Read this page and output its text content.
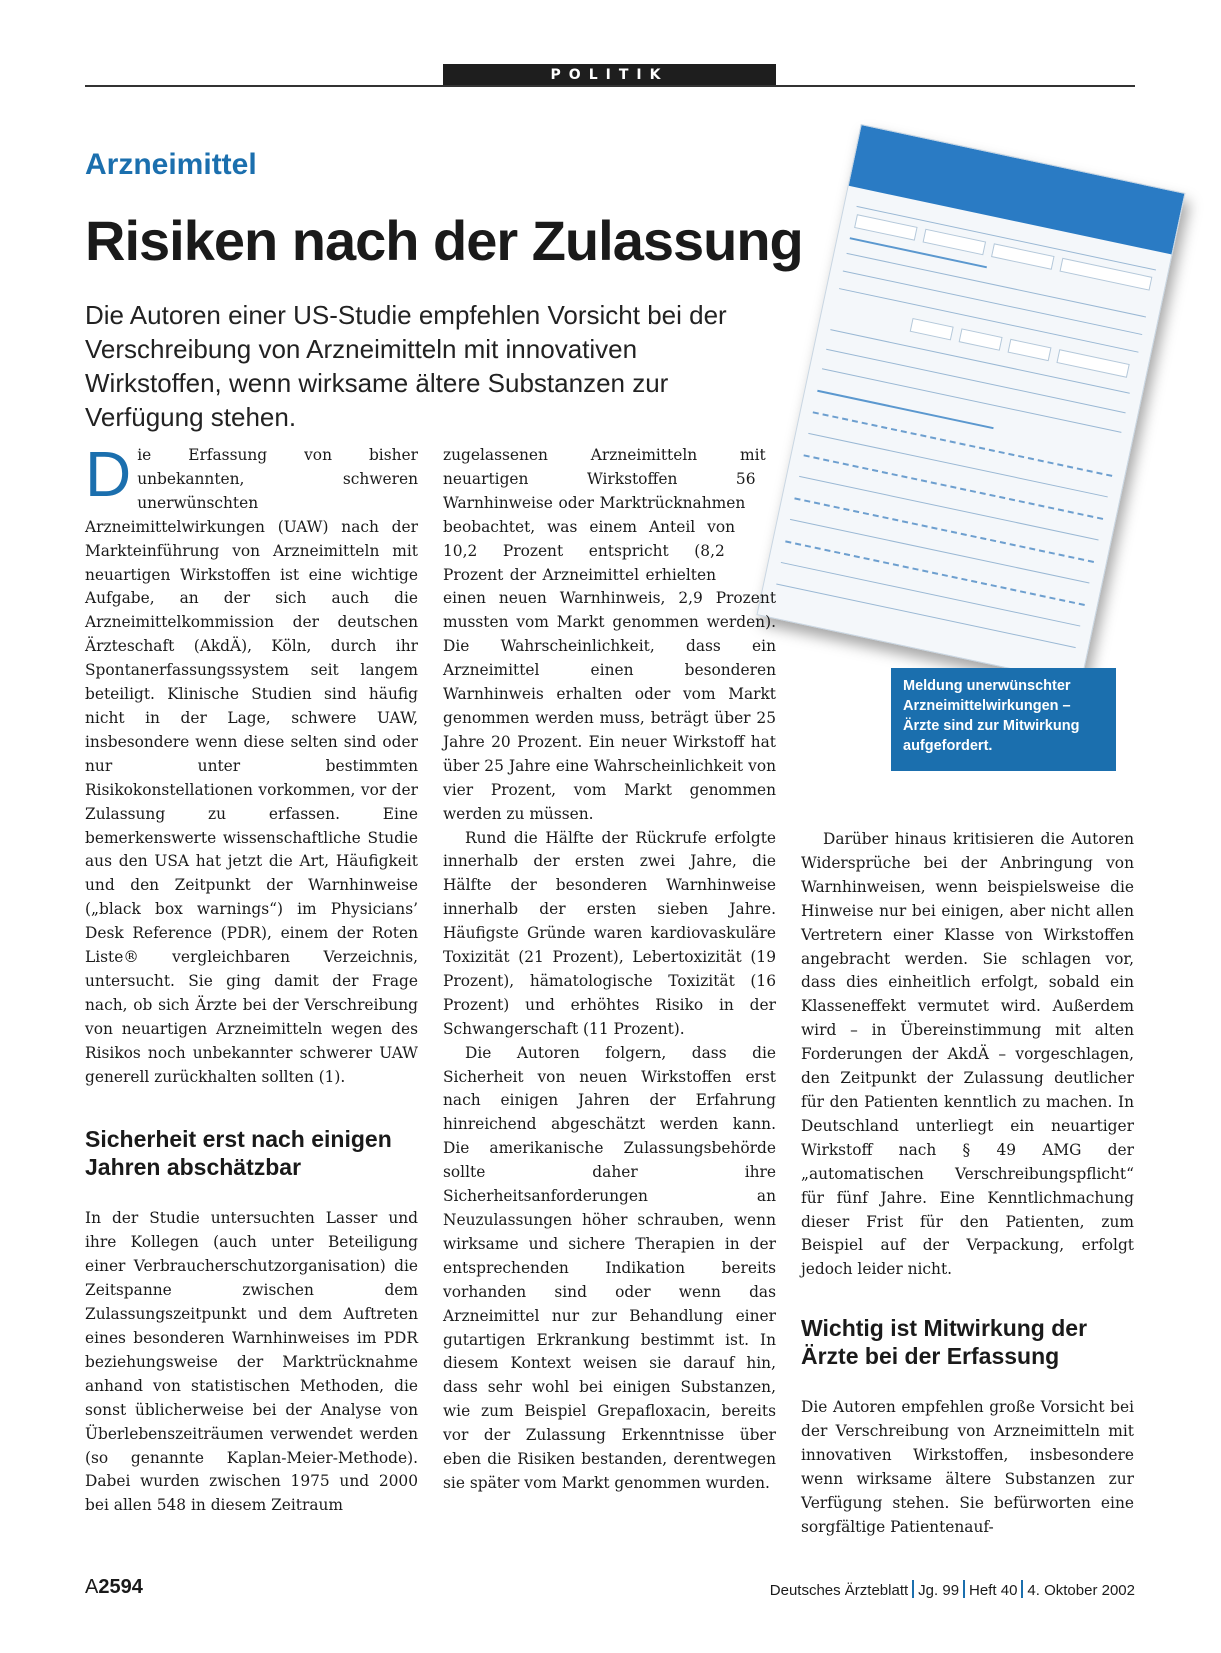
POLITIK
Arzneimittel
Risiken nach der Zulassung

Die Autoren einer US-Studie empfehlen Vorsicht bei der Verschreibung von Arzneimitteln mit innovativen Wirkstoffen, wenn wirksame ältere Substanzen zur Verfügung stehen.

Meldung unerwünschter Arzneimittelwirkungen – Ärzte sind zur Mitwirkung aufgefordert.

Die Erfassung von bisher unbekannten, schweren unerwünschten Arzneimittelwirkungen (UAW) nach der Markteinführung von Arzneimitteln mit neuartigen Wirkstoffen ist eine wichtige Aufgabe, an der sich auch die Arzneimittelkommission der deutschen Ärzteschaft (AkdÄ), Köln, durch ihr Spontanerfassungssystem seit langem beteiligt. Klinische Studien sind häufig nicht in der Lage, schwere UAW, insbesondere wenn diese selten sind oder nur unter bestimmten Risikokonstellationen vorkommen, vor der Zulassung zu erfassen. Eine bemerkenswerte wissenschaftliche Studie aus den USA hat jetzt die Art, Häufigkeit und den Zeitpunkt der Warnhinweise („black box warnings“) im Physicians’ Desk Reference (PDR), einem der Roten Liste® vergleichbaren Verzeichnis, untersucht. Sie ging damit der Frage nach, ob sich Ärzte bei der Verschreibung von neuartigen Arzneimitteln wegen des Risikos noch unbekannter schwerer UAW generell zurückhalten sollten (1).

Sicherheit erst nach einigen Jahren abschätzbar

In der Studie untersuchten Lasser und ihre Kollegen (auch unter Beteiligung einer Verbraucherschutzorganisation) die Zeitspanne zwischen dem Zulassungszeitpunkt und dem Auftreten eines besonderen Warnhinweises im PDR beziehungsweise der Marktrücknahme anhand von statistischen Methoden, die sonst üblicherweise bei der Analyse von Überlebenszeiträumen verwendet werden (so genannte Kaplan-Meier-Methode). Dabei wurden zwischen 1975 und 2000 bei allen 548 in diesem Zeitraum

zugelassenen Arzneimitteln mit neuartigen Wirkstoffen 56 Warnhinweise oder Marktrücknahmen beobachtet, was einem Anteil von 10,2 Prozent entspricht (8,2 Prozent der Arzneimittel erhielten einen neuen Warnhinweis, 2,9 Prozent mussten vom Markt genommen werden). Die Wahrscheinlichkeit, dass ein Arzneimittel einen besonderen Warnhinweis erhalten oder vom Markt genommen werden muss, beträgt über 25 Jahre 20 Prozent. Ein neuer Wirkstoff hat über 25 Jahre eine Wahrscheinlichkeit von vier Prozent, vom Markt genommen werden zu müssen.

Rund die Hälfte der Rückrufe erfolgte innerhalb der ersten zwei Jahre, die Hälfte der besonderen Warnhinweise innerhalb der ersten sieben Jahre. Häufigste Gründe waren kardiovaskuläre Toxizität (21 Prozent), Lebertoxizität (19 Prozent), hämatologische Toxizität (16 Prozent) und erhöhtes Risiko in der Schwangerschaft (11 Prozent).

Die Autoren folgern, dass die Sicherheit von neuen Wirkstoffen erst nach einigen Jahren der Erfahrung hinreichend abgeschätzt werden kann. Die amerikanische Zulassungsbehörde sollte daher ihre Sicherheitsanforderungen an Neuzulassungen höher schrauben, wenn wirksame und sichere Therapien in der entsprechenden Indikation bereits vorhanden sind oder wenn das Arzneimittel nur zur Behandlung einer gutartigen Erkrankung bestimmt ist. In diesem Kontext weisen sie darauf hin, dass sehr wohl bei einigen Substanzen, wie zum Beispiel Grepafloxacin, bereits vor der Zulassung Erkenntnisse über eben die Risiken bestanden, derentwegen sie später vom Markt genommen wurden.

Darüber hinaus kritisieren die Autoren Widersprüche bei der Anbringung von Warnhinweisen, wenn beispielsweise die Hinweise nur bei einigen, aber nicht allen Vertretern einer Klasse von Wirkstoffen angebracht werden. Sie schlagen vor, dass dies einheitlich erfolgt, sobald ein Klasseneffekt vermutet wird. Außerdem wird – in Übereinstimmung mit alten Forderungen der AkdÄ – vorgeschlagen, den Zeitpunkt der Zulassung deutlicher für den Patienten kenntlich zu machen. In Deutschland unterliegt ein neuartiger Wirkstoff nach § 49 AMG der „automatischen Verschreibungspflicht“ für fünf Jahre. Eine Kenntlichmachung dieser Frist für den Patienten, zum Beispiel auf der Verpackung, erfolgt jedoch leider nicht.

Wichtig ist Mitwirkung der Ärzte bei der Erfassung

Die Autoren empfehlen große Vorsicht bei der Verschreibung von Arzneimitteln mit innovativen Wirkstoffen, insbesondere wenn wirksame ältere Substanzen zur Verfügung stehen. Sie befürworten eine sorgfältige Patientenauf-

A2594	Deutsches Ärzteblatt Jg. 99 Heft 40 4. Oktober 2002
